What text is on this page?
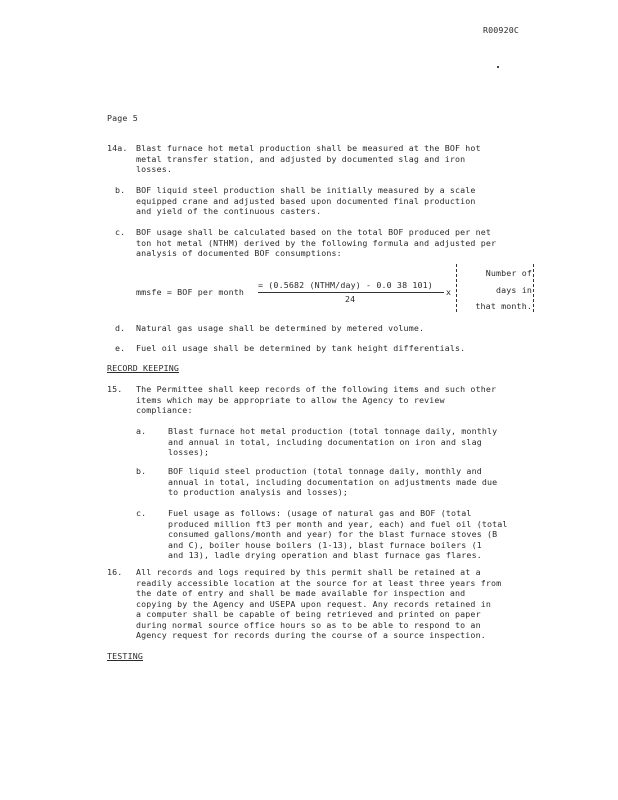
R00920C
Page 5
14a. Blast furnace hot metal production shall be measured at the BOF hot
metal transfer station, and adjusted by documented slag and iron
losses.
b. BOF liquid steel production shall be initially measured by a scale
equipped crane and adjusted based upon documented final production
and yield of the continuous casters.
c. BOF usage shall be calculated based on the total BOF produced per net
ton hot metal (NTHM) derived by the following formula and adjusted per
analysis of documented BOF consumptions:
mmsfe = BOF per month
= (0.5682 (NTHM/day) - 0.0 38 101)
24
x
Number of
days in
that month.
d. Natural gas usage shall be determined by metered volume.
e. Fuel oil usage shall be determined by tank height differentials.
RECORD KEEPING
15. The Permittee shall keep records of the following items and such other
items which may be appropriate to allow the Agency to review
compliance:
a.	Blast furnace hot metal production (total tonnage daily, monthly
and annual in total, including documentation on iron and slag
losses);
b.	BOF liquid steel production (total tonnage daily, monthly and
annual in total, including documentation on adjustments made due
to production analysis and losses);
c.	Fuel usage as follows: (usage of natural gas and BOF (total
produced million ft3 per month and year, each) and fuel oil (total
consumed gallons/month and year) for the blast furnace stoves (B
and C), boiler house boilers (1-13), blast furnace boilers (1
and 13), ladle drying operation and blast furnace gas flares.
16. All records and logs required by this permit shall be retained at a
readily accessible location at the source for at least three years from
the date of entry and shall be made available for inspection and
copying by the Agency and USEPA upon request. Any records retained in
a computer shall be capable of being retrieved and printed on paper
during normal source office hours so as to be able to respond to an
Agency request for records during the course of a source inspection.
TESTING
